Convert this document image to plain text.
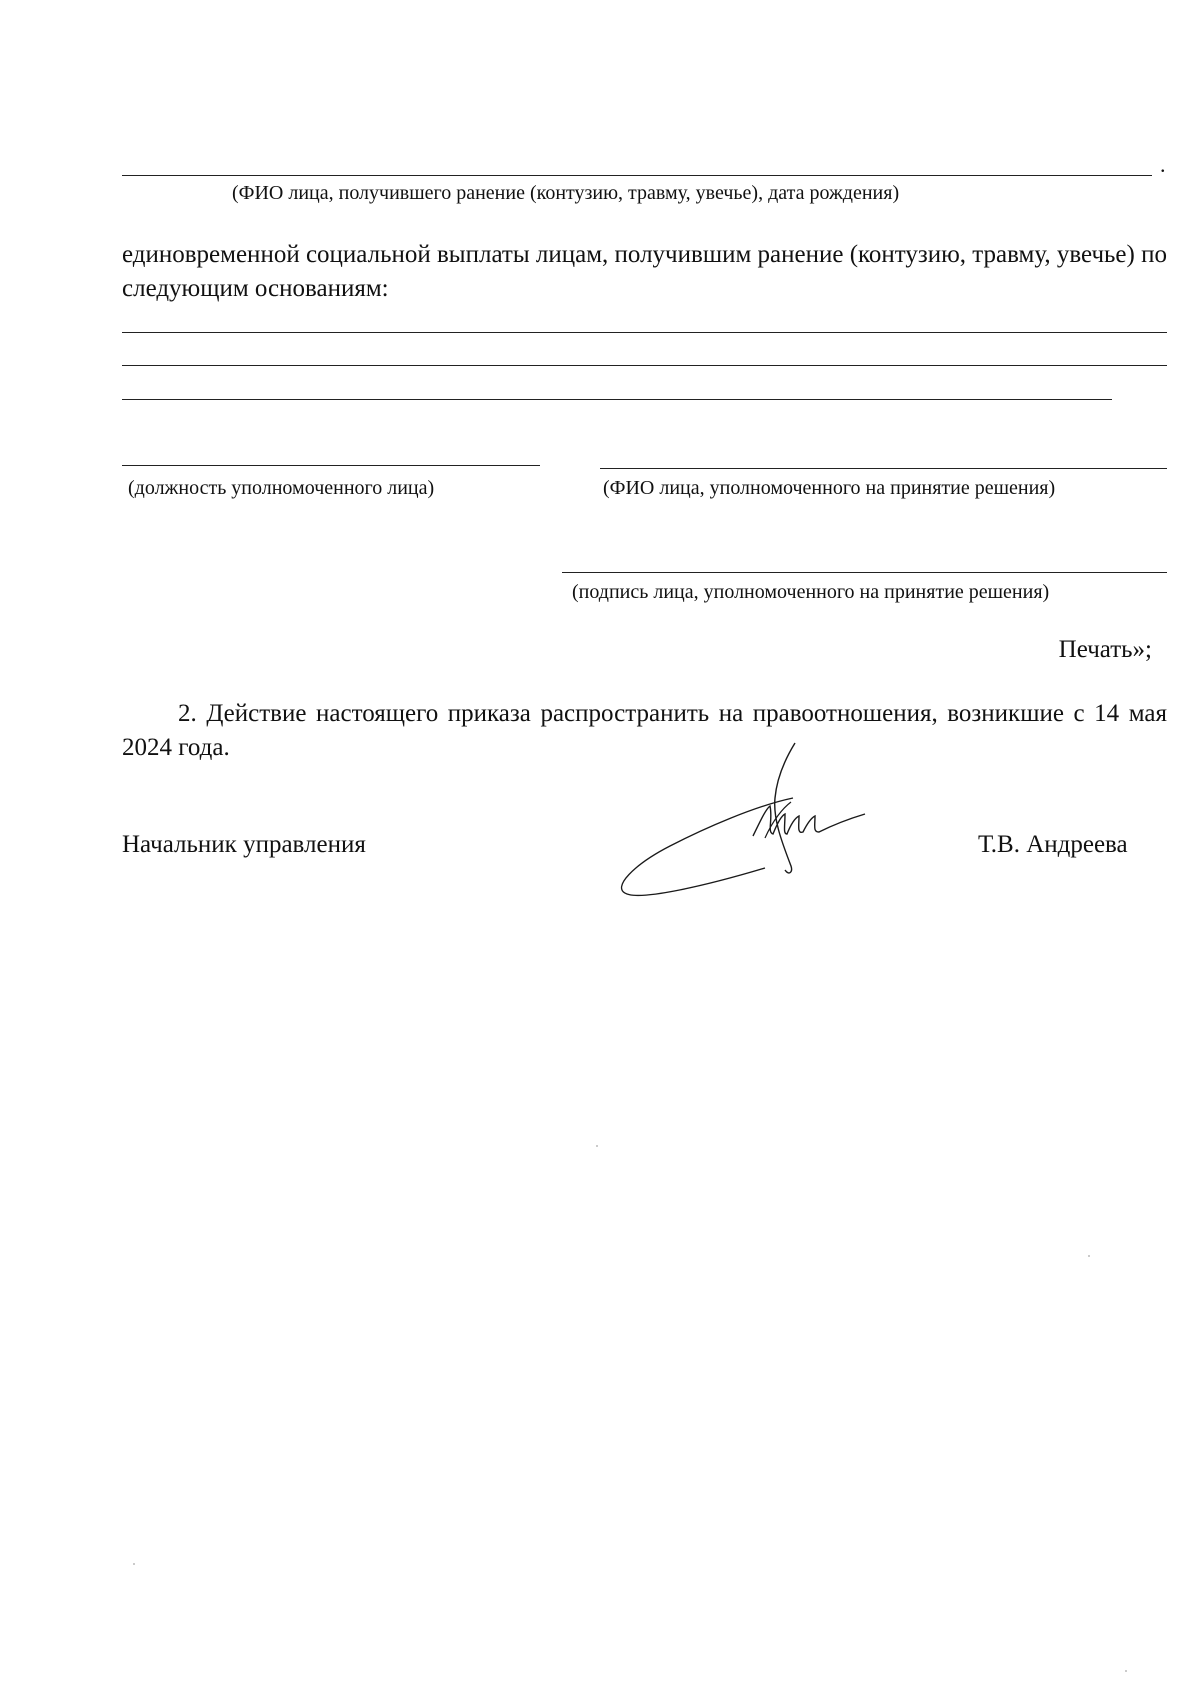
.
(ФИО лица, получившего ранение (контузию, травму, увечье), дата рождения)
единовременной социальной выплаты лицам, получившим ранение (контузию, травму, увечье) по следующим основаниям:
(должность уполномоченного лица)	(ФИО лица, уполномоченного на принятие решения)
(подпись лица, уполномоченного на принятие решения)
Печать»;
2. Действие настоящего приказа распространить на правоотношения, возникшие с 14 мая 2024 года.
Начальник управления	Т.В. Андреева
